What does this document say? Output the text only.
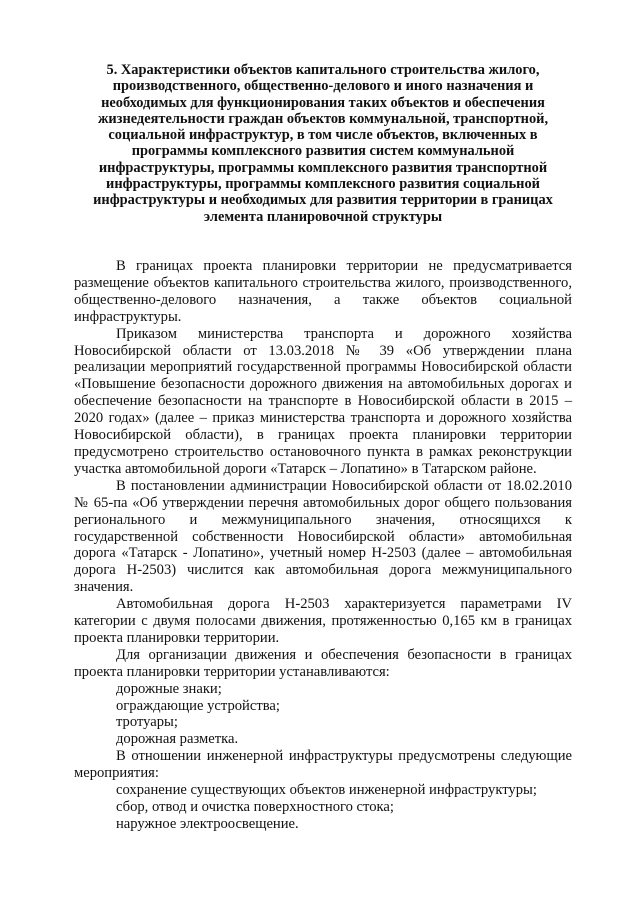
5. Характеристики объектов капитального строительства жилого, производственного, общественно-делового и иного назначения и необходимых для функционирования таких объектов и обеспечения жизнедеятельности граждан объектов коммунальной, транспортной, социальной инфраструктур, в том числе объектов, включенных в программы комплексного развития систем коммунальной инфраструктуры, программы комплексного развития транспортной инфраструктуры, программы комплексного развития социальной инфраструктуры и необходимых для развития территории в границах элемента планировочной структуры

В границах проекта планировки территории не предусматривается размещение объектов капитального строительства жилого, производственного, общественно-делового назначения, а также объектов социальной инфраструктуры.

Приказом министерства транспорта и дорожного хозяйства Новосибирской области от 13.03.2018 № 39 «Об утверждении плана реализации мероприятий государственной программы Новосибирской области «Повышение безопасности дорожного движения на автомобильных дорогах и обеспечение безопасности на транспорте в Новосибирской области в 2015 – 2020 годах» (далее – приказ министерства транспорта и дорожного хозяйства Новосибирской области), в границах проекта планировки территории предусмотрено строительство остановочного пункта в рамках реконструкции участка автомобильной дороги «Татарск – Лопатино» в Татарском районе.

В постановлении администрации Новосибирской области от 18.02.2010 № 65-па «Об утверждении перечня автомобильных дорог общего пользования регионального и межмуниципального значения, относящихся к государственной собственности Новосибирской области» автомобильная дорога «Татарск - Лопатино», учетный номер Н-2503 (далее – автомобильная дорога Н-2503) числится как автомобильная дорога межмуниципального значения.

Автомобильная дорога Н-2503 характеризуется параметрами IV категории с двумя полосами движения, протяженностью 0,165 км в границах проекта планировки территории.

Для организации движения и обеспечения безопасности в границах проекта планировки территории устанавливаются:

дорожные знаки;

ограждающие устройства;

тротуары;

дорожная разметка.

В отношении инженерной инфраструктуры предусмотрены следующие мероприятия:

сохранение существующих объектов инженерной инфраструктуры;

сбор, отвод и очистка поверхностного стока;

наружное электроосвещение.
